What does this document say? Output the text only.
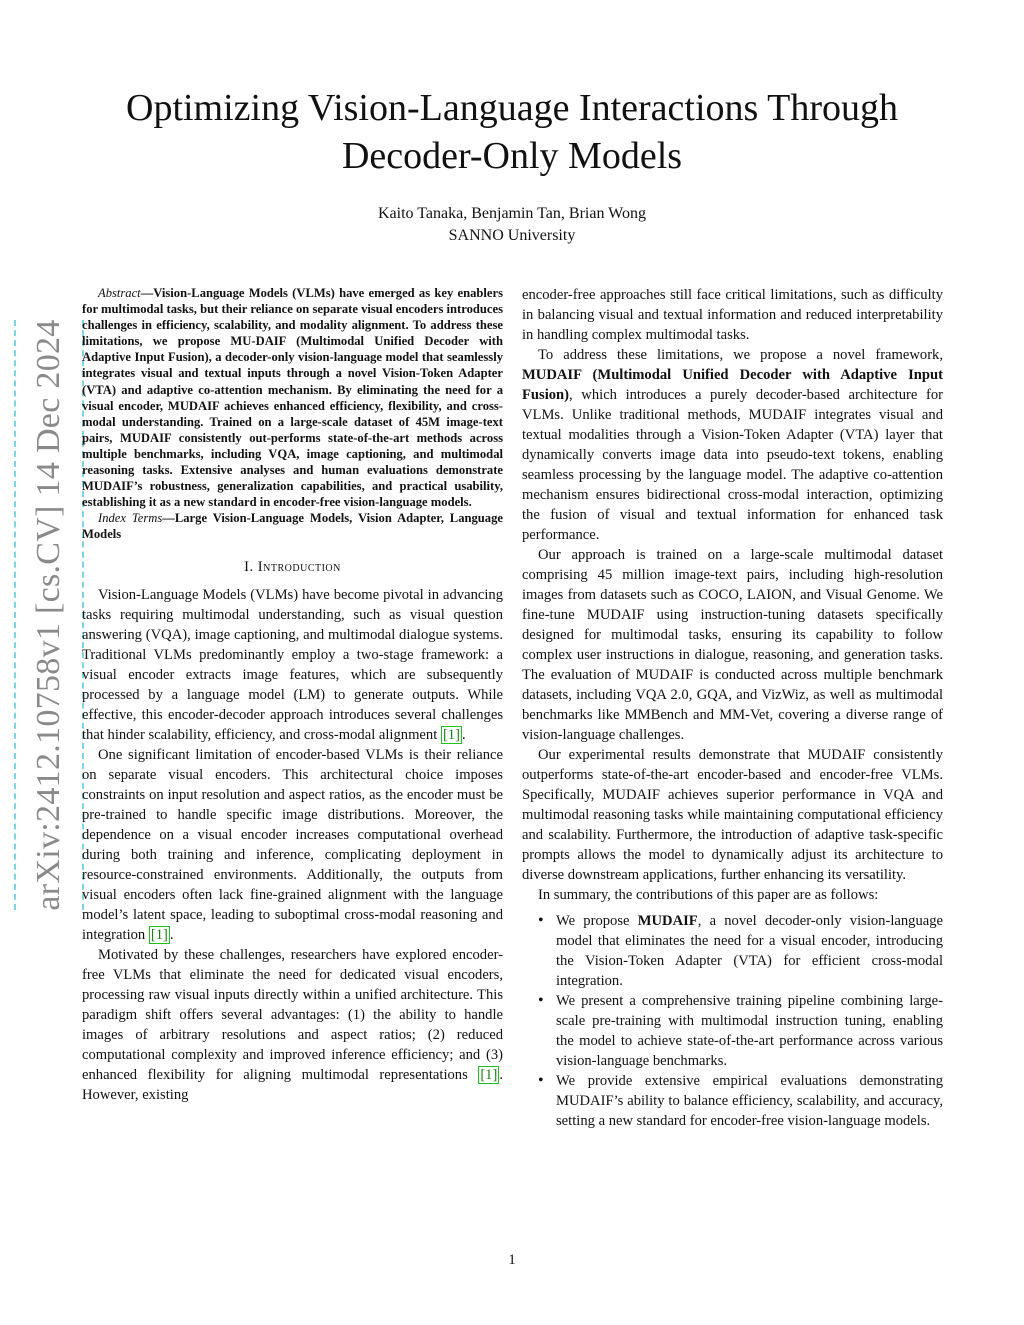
arXiv:2412.10758v1 [cs.CV] 14 Dec 2024
Optimizing Vision-Language Interactions Through
Decoder-Only Models
Kaito Tanaka, Benjamin Tan, Brian Wong
SANNO University

Abstract—Vision-Language Models (VLMs) have emerged as key enablers for multimodal tasks, but their reliance on separate visual encoders introduces challenges in efficiency, scalability, and modality alignment. To address these limitations, we propose MU-DAIF (Multimodal Unified Decoder with Adaptive Input Fusion), a decoder-only vision-language model that seamlessly integrates visual and textual inputs through a novel Vision-Token Adapter (VTA) and adaptive co-attention mechanism. By eliminating the need for a visual encoder, MUDAIF achieves enhanced efficiency, flexibility, and cross-modal understanding. Trained on a large-scale dataset of 45M image-text pairs, MUDAIF consistently out-performs state-of-the-art methods across multiple benchmarks, including VQA, image captioning, and multimodal reasoning tasks. Extensive analyses and human evaluations demonstrate MUDAIF’s robustness, generalization capabilities, and practical usability, establishing it as a new standard in encoder-free vision-language models.

Index Terms—Large Vision-Language Models, Vision Adapter, Language Models

I. Introduction

Vision-Language Models (VLMs) have become pivotal in advancing tasks requiring multimodal understanding, such as visual question answering (VQA), image captioning, and multimodal dialogue systems. Traditional VLMs predominantly employ a two-stage framework: a visual encoder extracts image features, which are subsequently processed by a language model (LM) to generate outputs. While effective, this encoder-decoder approach introduces several challenges that hinder scalability, efficiency, and cross-modal alignment [1] .

One significant limitation of encoder-based VLMs is their reliance on separate visual encoders. This architectural choice imposes constraints on input resolution and aspect ratios, as the encoder must be pre-trained to handle specific image distributions. Moreover, the dependence on a visual encoder increases computational overhead during both training and inference, complicating deployment in resource-constrained environments. Additionally, the outputs from visual encoders often lack fine-grained alignment with the language model’s latent space, leading to suboptimal cross-modal reasoning and integration [1] .

Motivated by these challenges, researchers have explored encoder-free VLMs that eliminate the need for dedicated visual encoders, processing raw visual inputs directly within a unified architecture. This paradigm shift offers several advantages: (1) the ability to handle images of arbitrary resolutions and aspect ratios; (2) reduced computational complexity and improved inference efficiency; and (3) enhanced flexibility for aligning multimodal representations [1] . However, existing

encoder-free approaches still face critical limitations, such as difficulty in balancing visual and textual information and reduced interpretability in handling complex multimodal tasks.

To address these limitations, we propose a novel framework, MUDAIF (Multimodal Unified Decoder with Adaptive Input Fusion), which introduces a purely decoder-based architecture for VLMs. Unlike traditional methods, MUDAIF integrates visual and textual modalities through a Vision-Token Adapter (VTA) layer that dynamically converts image data into pseudo-text tokens, enabling seamless processing by the language model. The adaptive co-attention mechanism ensures bidirectional cross-modal interaction, optimizing the fusion of visual and textual information for enhanced task performance.

Our approach is trained on a large-scale multimodal dataset comprising 45 million image-text pairs, including high-resolution images from datasets such as COCO, LAION, and Visual Genome. We fine-tune MUDAIF using instruction-tuning datasets specifically designed for multimodal tasks, ensuring its capability to follow complex user instructions in dialogue, reasoning, and generation tasks. The evaluation of MUDAIF is conducted across multiple benchmark datasets, including VQA 2.0, GQA, and VizWiz, as well as multimodal benchmarks like MMBench and MM-Vet, covering a diverse range of vision-language challenges.

Our experimental results demonstrate that MUDAIF consistently outperforms state-of-the-art encoder-based and encoder-free VLMs. Specifically, MUDAIF achieves superior performance in VQA and multimodal reasoning tasks while maintaining computational efficiency and scalability. Furthermore, the introduction of adaptive task-specific prompts allows the model to dynamically adjust its architecture to diverse downstream applications, further enhancing its versatility.

In summary, the contributions of this paper are as follows:

• We propose MUDAIF, a novel decoder-only vision-language model that eliminates the need for a visual encoder, introducing the Vision-Token Adapter (VTA) for efficient cross-modal integration.
• We present a comprehensive training pipeline combining large-scale pre-training with multimodal instruction tuning, enabling the model to achieve state-of-the-art performance across various vision-language benchmarks.
• We provide extensive empirical evaluations demonstrating MUDAIF’s ability to balance efficiency, scalability, and accuracy, setting a new standard for encoder-free vision-language models.
1
